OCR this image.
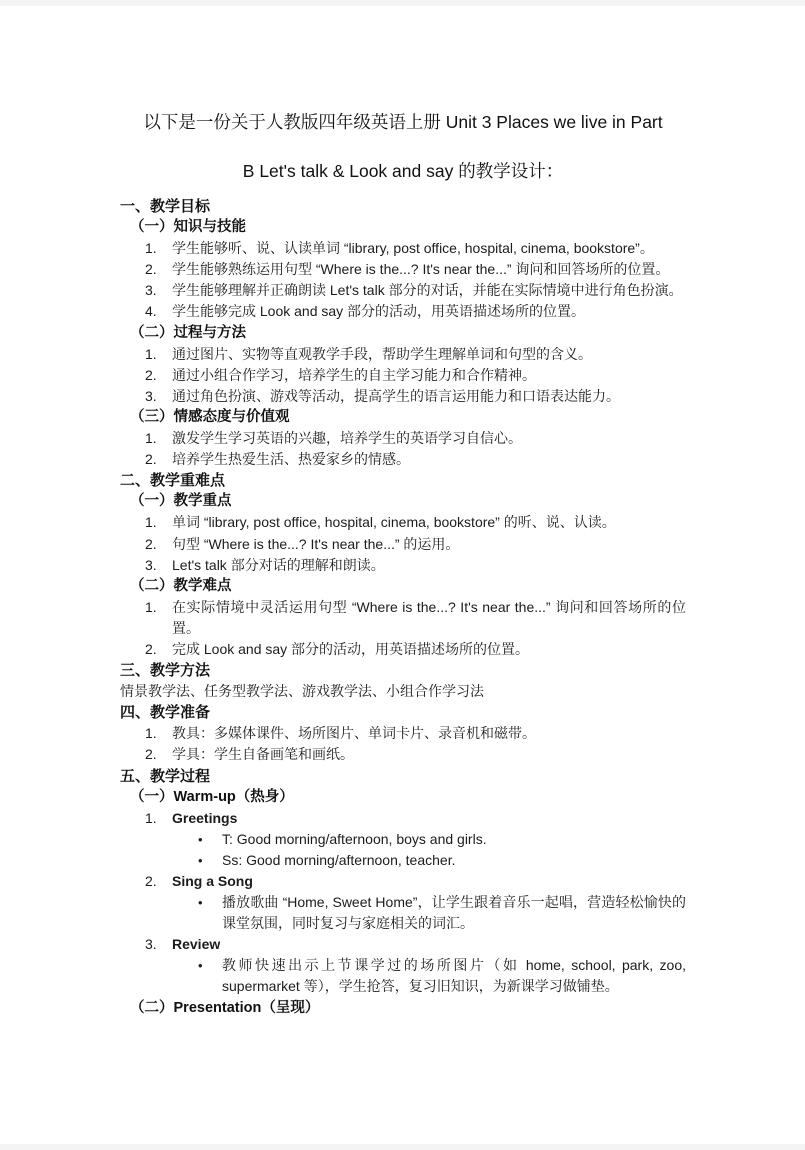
以下是一份关于人教版四年级英语上册 Unit 3 Places we live in Part
B Let's talk & Look and say 的教学设计：
一、教学目标
（一）知识与技能
1.	学生能够听、说、认读单词 “library, post office, hospital, cinema, bookstore”。
2.	学生能够熟练运用句型 “Where is the...? It's near the...” 询问和回答场所的位置。
3.	学生能够理解并正确朗读 Let's talk 部分的对话，并能在实际情境中进行角色扮演。
4.	学生能够完成 Look and say 部分的活动，用英语描述场所的位置。
（二）过程与方法
1.	通过图片、实物等直观教学手段，帮助学生理解单词和句型的含义。
2.	通过小组合作学习，培养学生的自主学习能力和合作精神。
3.	通过角色扮演、游戏等活动，提高学生的语言运用能力和口语表达能力。
（三）情感态度与价值观
1.	激发学生学习英语的兴趣，培养学生的英语学习自信心。
2.	培养学生热爱生活、热爱家乡的情感。
二、教学重难点
（一）教学重点
1.	单词 “library, post office, hospital, cinema, bookstore” 的听、说、认读。
2.	句型 “Where is the...? It's near the...” 的运用。
3.	Let's talk 部分对话的理解和朗读。
（二）教学难点
1.	在实际情境中灵活运用句型 “Where is the...? It's near the...” 询问和回答场所的位置。
2.	完成 Look and say 部分的活动，用英语描述场所的位置。
三、教学方法
情景教学法、任务型教学法、游戏教学法、小组合作学习法
四、教学准备
1.	教具：多媒体课件、场所图片、单词卡片、录音机和磁带。
2.	学具：学生自备画笔和画纸。
五、教学过程
（一）Warm-up（热身）
1.	Greetings
•	T: Good morning/afternoon, boys and girls.
•	Ss: Good morning/afternoon, teacher.
2.	Sing a Song
•	播放歌曲 “Home, Sweet Home”，让学生跟着音乐一起唱，营造轻松愉快的课堂氛围，同时复习与家庭相关的词汇。
3.	Review
•	教师快速出示上节课学过的场所图片（如 home, school, park, zoo, supermarket 等），学生抢答，复习旧知识，为新课学习做铺垫。
（二）Presentation（呈现）
